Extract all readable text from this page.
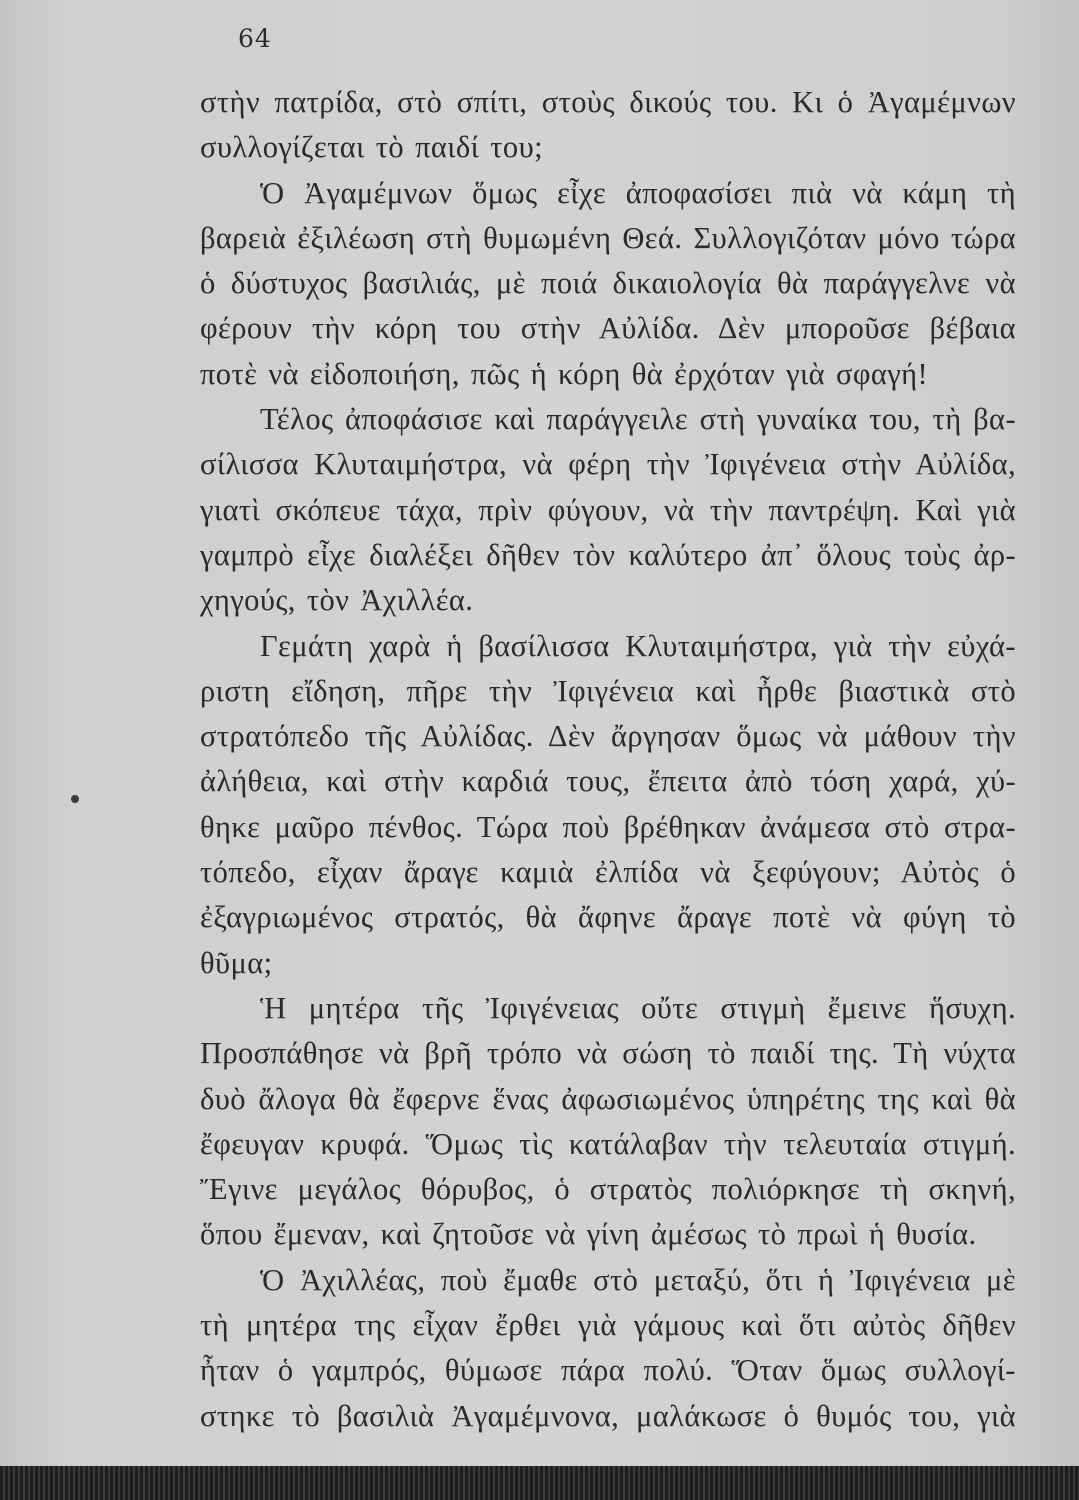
64
στὴν πατρίδα, στὸ σπίτι, στοὺς δικούς του. Κι ὁ Ἀγαμέμνων
συλλογίζεται τὸ παιδί του;
Ὁ Ἀγαμέμνων ὅμως εἶχε ἀποφασίσει πιὰ νὰ κάμη τὴ
βαρειὰ ἐξιλέωση στὴ θυμωμένη Θεά. Συλλογιζόταν μόνο τώρα
ὁ δύστυχος βασιλιάς, μὲ ποιά δικαιολογία θὰ παράγγελνε νὰ
φέρουν τὴν κόρη του στὴν Αὐλίδα. Δὲν μποροῦσε βέβαια
ποτὲ νὰ εἰδοποιήση, πῶς ἡ κόρη θὰ ἐρχόταν γιὰ σφαγή!
Τέλος ἀποφάσισε καὶ παράγγειλε στὴ γυναίκα του, τὴ βα-
σίλισσα Κλυταιμήστρα, νὰ φέρη τὴν Ἰφιγένεια στὴν Αὐλίδα,
γιατὶ σκόπευε τάχα, πρὶν φύγουν, νὰ τὴν παντρέψη. Καὶ γιὰ
γαμπρὸ εἶχε διαλέξει δῆθεν τὸν καλύτερο ἀπ᾿ ὅλους τοὺς ἀρ-
χηγούς, τὸν Ἀχιλλέα.
Γεμάτη χαρὰ ἡ βασίλισσα Κλυταιμήστρα, γιὰ τὴν εὐχά-
ριστη εἴδηση, πῆρε τὴν Ἰφιγένεια καὶ ἦρθε βιαστικὰ στὸ
στρατόπεδο τῆς Αὐλίδας. Δὲν ἄργησαν ὅμως νὰ μάθουν τὴν
ἀλήθεια, καὶ στὴν καρδιά τους, ἔπειτα ἀπὸ τόση χαρά, χύ-
θηκε μαῦρο πένθος. Τώρα ποὺ βρέθηκαν ἀνάμεσα στὸ στρα-
τόπεδο, εἶχαν ἄραγε καμιὰ ἐλπίδα νὰ ξεφύγουν; Αὐτὸς ὁ
ἐξαγριωμένος στρατός, θὰ ἄφηνε ἄραγε ποτὲ νὰ φύγη τὸ
θῦμα;
Ἡ μητέρα τῆς Ἰφιγένειας οὔτε στιγμὴ ἔμεινε ἥσυχη.
Προσπάθησε νὰ βρῆ τρόπο νὰ σώση τὸ παιδί της. Τὴ νύχτα
δυὸ ἄλογα θὰ ἔφερνε ἕνας ἀφωσιωμένος ὑπηρέτης της καὶ θὰ
ἔφευγαν κρυφά. Ὅμως τὶς κατάλαβαν τὴν τελευταία στιγμή.
Ἔγινε μεγάλος θόρυβος, ὁ στρατὸς πολιόρκησε τὴ σκηνή,
ὅπου ἔμεναν, καὶ ζητοῦσε νὰ γίνη ἀμέσως τὸ πρωὶ ἡ θυσία.
Ὁ Ἀχιλλέας, ποὺ ἔμαθε στὸ μεταξύ, ὅτι ἡ Ἰφιγένεια μὲ
τὴ μητέρα της εἶχαν ἔρθει γιὰ γάμους καὶ ὅτι αὐτὸς δῆθεν
ἦταν ὁ γαμπρός, θύμωσε πάρα πολύ. Ὅταν ὅμως συλλογί-
στηκε τὸ βασιλιὰ Ἀγαμέμνονα, μαλάκωσε ὁ θυμός του, γιὰ
